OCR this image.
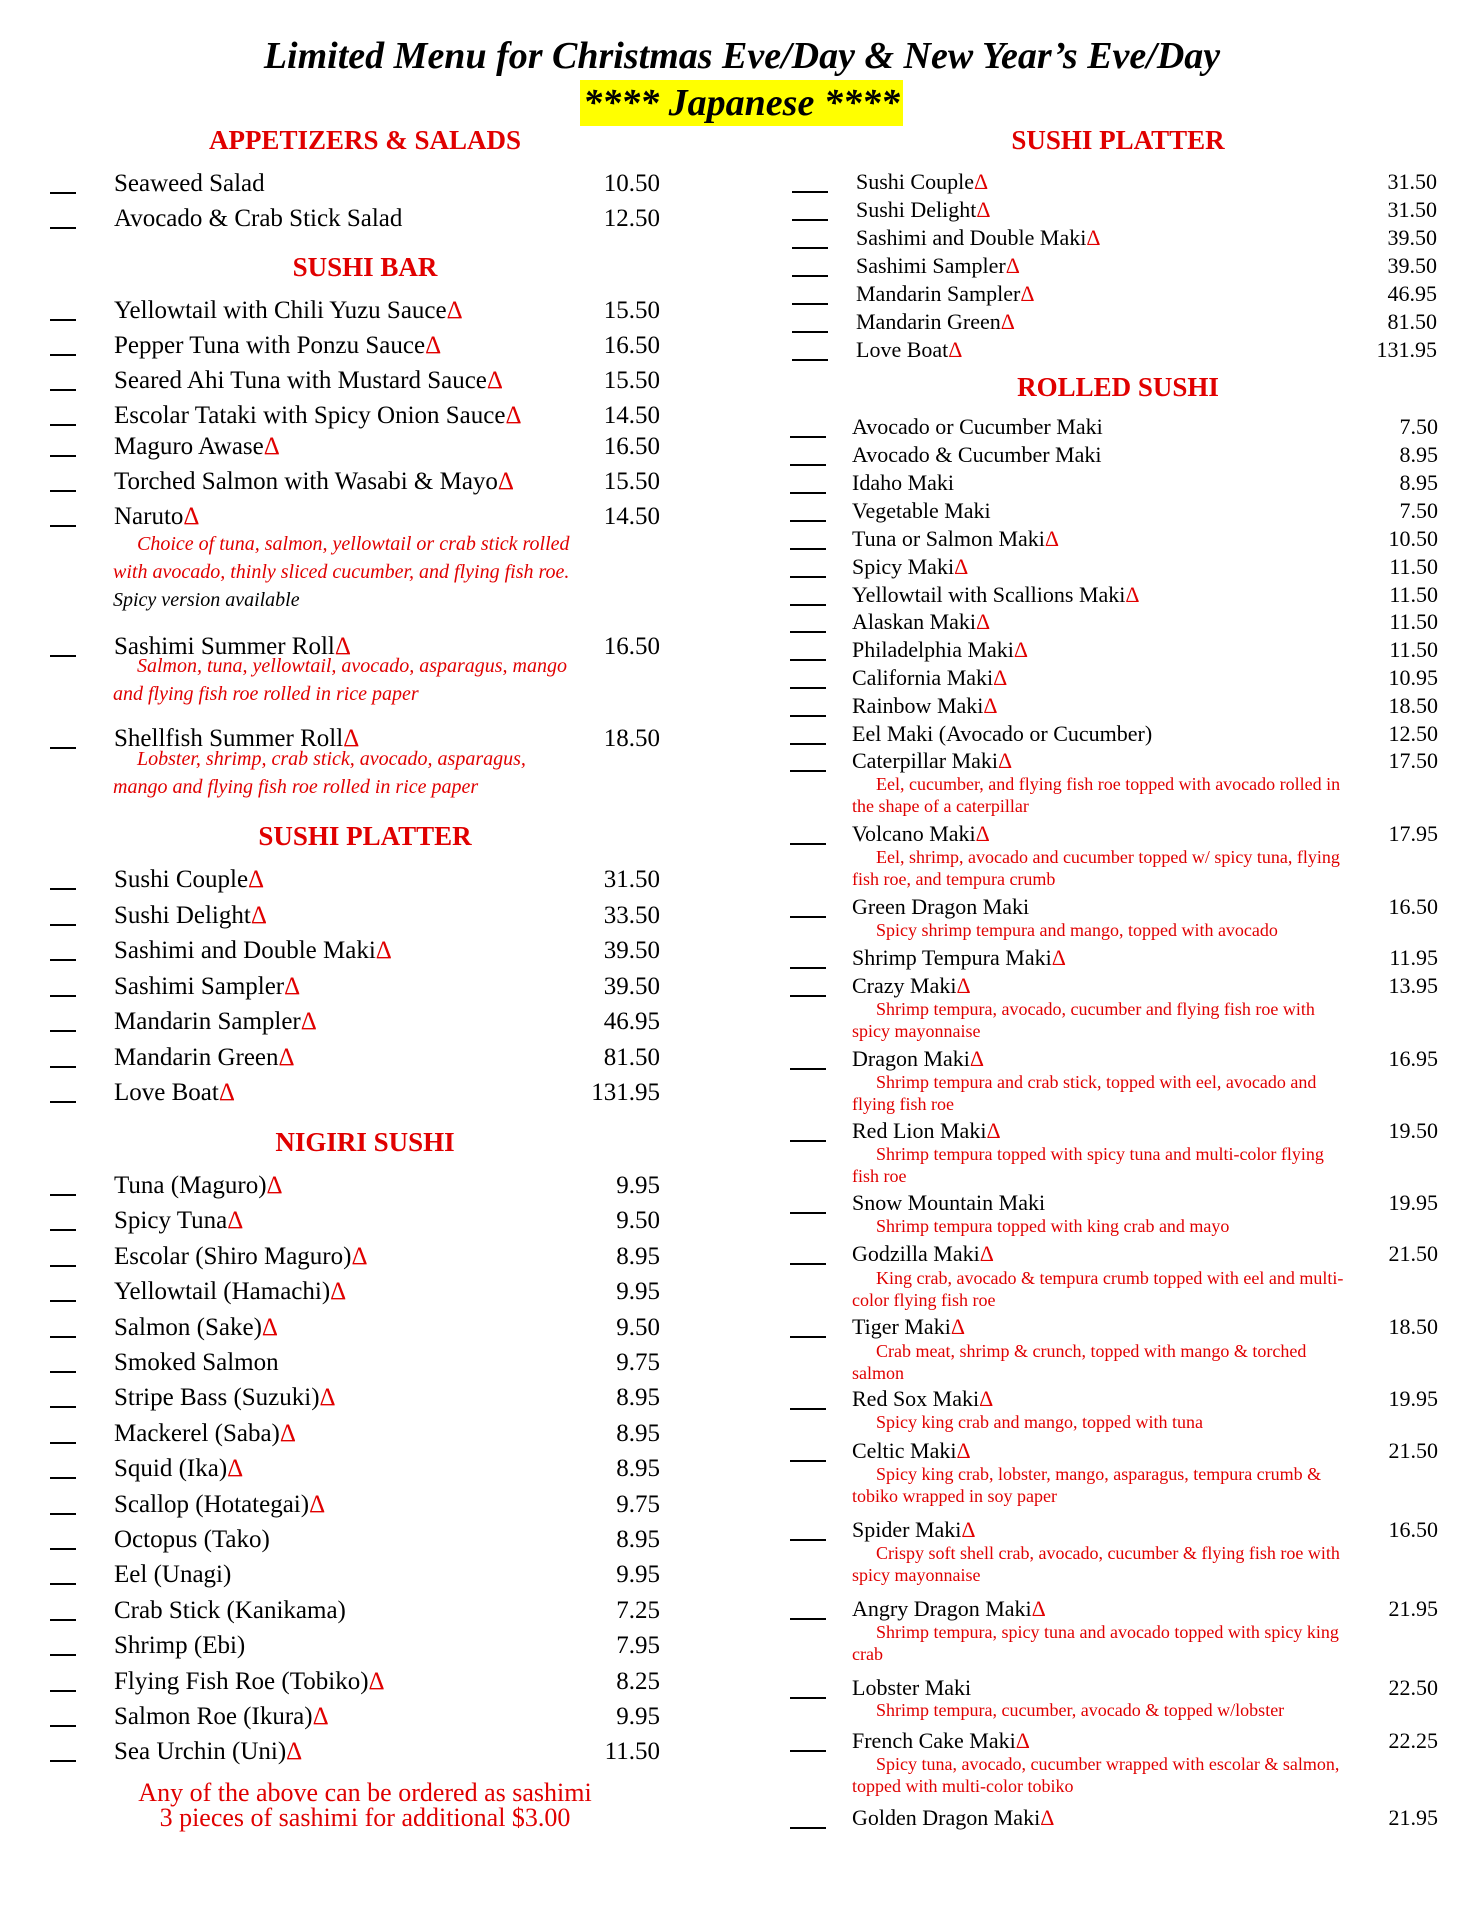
Limited Menu for Christmas Eve/Day & New Year’s Eve/Day
**** Japanese ****
APPETIZERS & SALADS
Seaweed Salad	10.50
Avocado & Crab Stick Salad	12.50
SUSHI BAR
Yellowtail with Chili Yuzu SauceΔ	15.50
Pepper Tuna with Ponzu SauceΔ	16.50
Seared Ahi Tuna with Mustard SauceΔ	15.50
Escolar Tataki with Spicy Onion SauceΔ	14.50
Maguro AwaseΔ	16.50
Torched Salmon with Wasabi & MayoΔ	15.50
NarutoΔ	14.50
Sashimi Summer RollΔ	16.50
Shellfish Summer RollΔ	18.50
Choice of tuna, salmon, yellowtail or crab stick rolled with avocado, thinly sliced cucumber, and flying fish roe. Spicy version available
Salmon, tuna, yellowtail, avocado, asparagus, mango and flying fish roe rolled in rice paper
Lobster, shrimp, crab stick, avocado, asparagus, mango and flying fish roe rolled in rice paper
SUSHI PLATTER
Sushi CoupleΔ	31.50
Sushi DelightΔ	33.50
Sashimi and Double MakiΔ	39.50
Sashimi SamplerΔ	39.50
Mandarin SamplerΔ	46.95
Mandarin GreenΔ	81.50
Love BoatΔ	131.95
NIGIRI SUSHI
Tuna (Maguro)Δ	9.95
Spicy TunaΔ	9.50
Escolar (Shiro Maguro)Δ	8.95
Yellowtail (Hamachi)Δ	9.95
Salmon (Sake)Δ	9.50
Smoked Salmon	9.75
Stripe Bass (Suzuki)Δ	8.95
Mackerel (Saba)Δ	8.95
Squid (Ika)Δ	8.95
Scallop (Hotategai)Δ	9.75
Octopus (Tako)	8.95
Eel (Unagi)	9.95
Crab Stick (Kanikama)	7.25
Shrimp (Ebi)	7.95
Flying Fish Roe (Tobiko)Δ	8.25
Salmon Roe (Ikura)Δ	9.95
Sea Urchin (Uni)Δ	11.50
Any of the above can be ordered as sashimi
3 pieces of sashimi for additional $3.00
SUSHI PLATTER
Sushi CoupleΔ	31.50
Sushi DelightΔ	31.50
Sashimi and Double MakiΔ	39.50
Sashimi SamplerΔ	39.50
Mandarin SamplerΔ	46.95
Mandarin GreenΔ	81.50
Love BoatΔ	131.95
ROLLED SUSHI
Avocado or Cucumber Maki	7.50
Avocado & Cucumber Maki	8.95
Idaho Maki	8.95
Vegetable Maki	7.50
Tuna or Salmon MakiΔ	10.50
Spicy MakiΔ	11.50
Yellowtail with Scallions MakiΔ	11.50
Alaskan MakiΔ	11.50
Philadelphia MakiΔ	11.50
California MakiΔ	10.95
Rainbow MakiΔ	18.50
Eel Maki (Avocado or Cucumber)	12.50
Caterpillar MakiΔ	17.50
Eel, cucumber, and flying fish roe topped with avocado rolled in the shape of a caterpillar
Volcano MakiΔ	17.95
Eel, shrimp, avocado and cucumber topped w/ spicy tuna, flying fish roe, and tempura crumb
Green Dragon Maki	16.50
Spicy shrimp tempura and mango, topped with avocado
Shrimp Tempura MakiΔ	11.95
Crazy MakiΔ	13.95
Shrimp tempura, avocado, cucumber and flying fish roe with spicy mayonnaise
Dragon MakiΔ	16.95
Shrimp tempura and crab stick, topped with eel, avocado and flying fish roe
Red Lion MakiΔ	19.50
Shrimp tempura topped with spicy tuna and multi-color flying fish roe
Snow Mountain Maki	19.95
Shrimp tempura topped with king crab and mayo
Godzilla MakiΔ	21.50
King crab, avocado & tempura crumb topped with eel and multi-color flying fish roe
Tiger MakiΔ	18.50
Crab meat, shrimp & crunch, topped with mango & torched salmon
Red Sox MakiΔ	19.95
Spicy king crab and mango, topped with tuna
Celtic MakiΔ	21.50
Spicy king crab, lobster, mango, asparagus, tempura crumb & tobiko wrapped in soy paper
Spider MakiΔ	16.50
Crispy soft shell crab, avocado, cucumber & flying fish roe with spicy mayonnaise
Angry Dragon MakiΔ	21.95
Shrimp tempura, spicy tuna and avocado topped with spicy king crab
Lobster Maki	22.50
Shrimp tempura, cucumber, avocado & topped w/lobster
French Cake MakiΔ	22.25
Spicy tuna, avocado, cucumber wrapped with escolar & salmon, topped with multi-color tobiko
Golden Dragon MakiΔ	21.95
